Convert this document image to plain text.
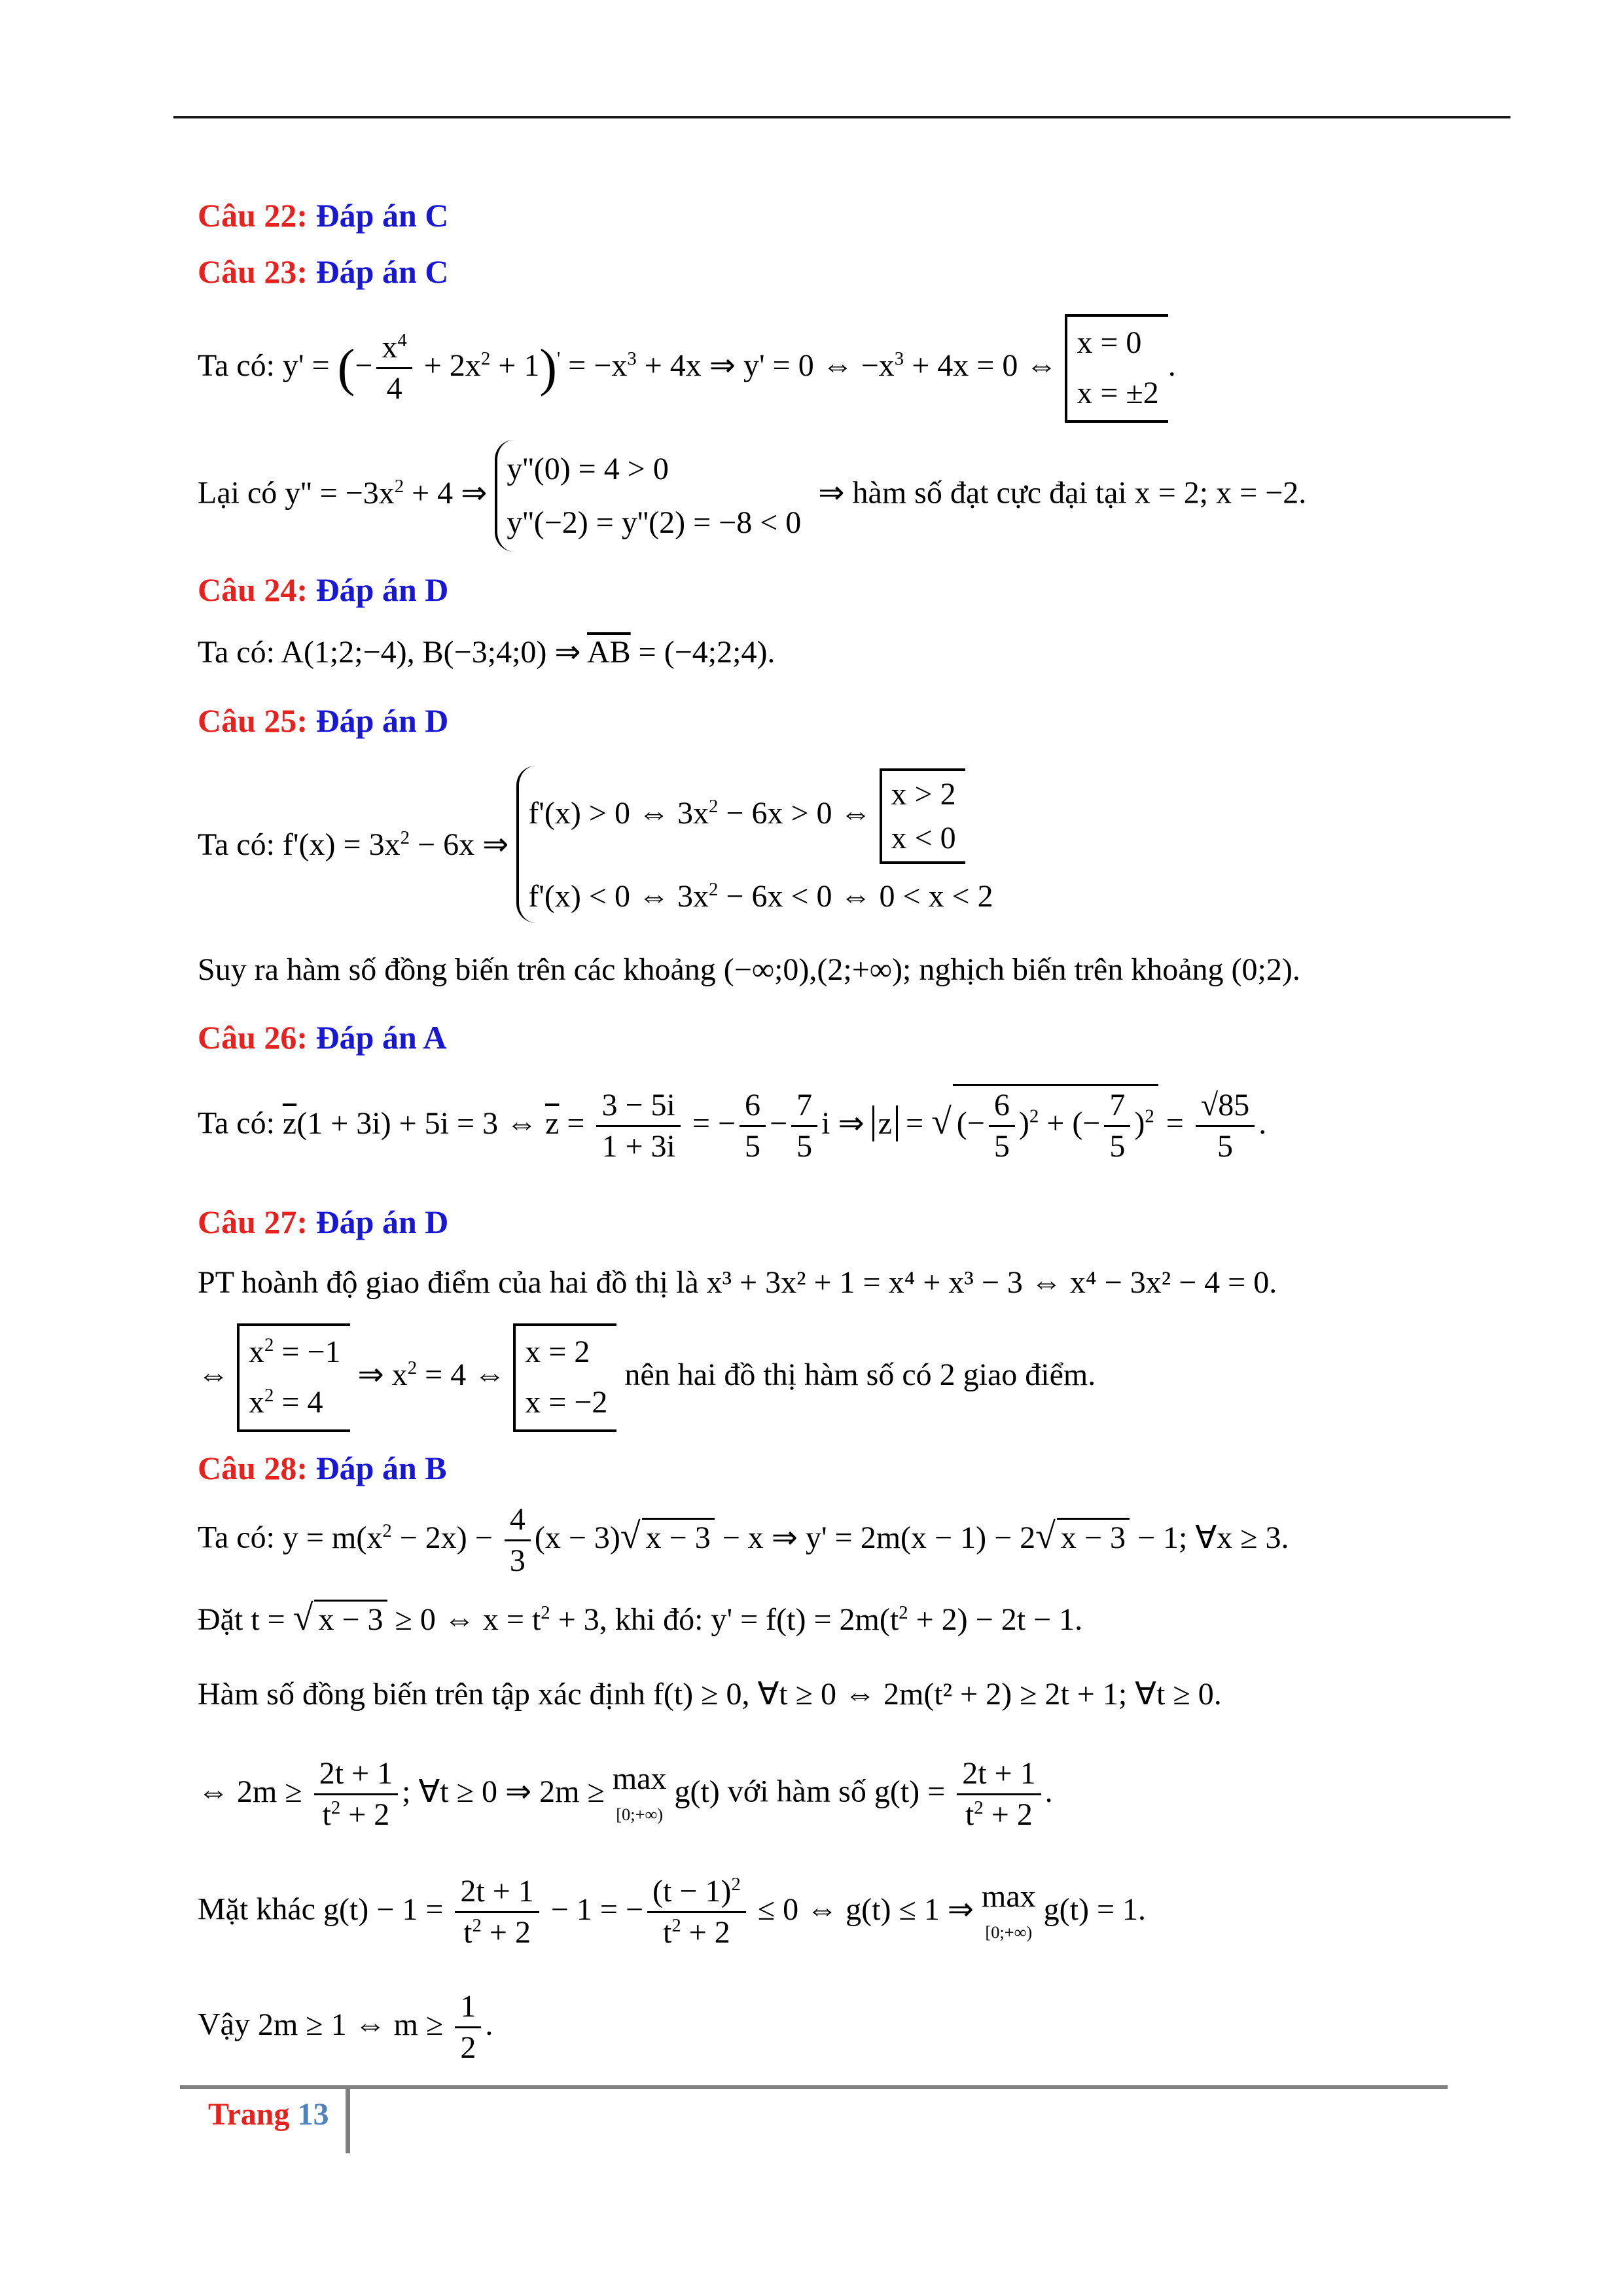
Câu 22: Đáp án C
Câu 23: Đáp án C
Ta có: y' = (− $\frac{x^4}{4} + 2x^2 + 1)' = -x^3 + 4x$ ⇒ y' = 0 ⇔ $-x^3 + 4x = 0$ ⇔
x = 0
x = ±2
.
Lại có $y'' = -3x^2 + 4$ ⇒
y''(0) = 4 > 0
y''(−2) = y''(2) = −8 < 0
⇒ hàm số đạt cực đại tại x = 2; x = −2.
Câu 24: Đáp án D
Ta có: A(1;2;−4), B(−3;4;0) ⇒ $\overline{AB}$ = (−4;2;4).
Câu 25: Đáp án D
Ta có: $f'(x) = 3x^2 - 6x$ ⇒
f'(x) > 0 ⇔ $3x^2 - 6x > 0$ ⇔
x > 2
x < 0
f'(x) < 0 ⇔ $3x^2 - 6x < 0$ ⇔ 0 < x < 2
Suy ra hàm số đồng biến trên các khoảng (−∞;0),(2;+∞); nghịch biến trên khoảng (0;2).
Câu 26: Đáp án A
Ta có: $\overline{z}(1 + 3i) + 5i = 3$ ⇔ $\overline{z} = \frac{3 - 5i}{1 + 3i}$ = − $\frac{6}{5} - \frac{7}{5}$ i ⇒ z = √ (− $\frac{6}{5} )^2$ + (− $\frac{7}{5} )^2 = \frac{√85}{5}$ .
Câu 27: Đáp án D
PT hoành độ giao điểm của hai đồ thị là x³ + 3x² + 1 = x⁴ + x³ − 3 ⇔ x⁴ − 3x² − 4 = 0.
⇔
$x^2 = -1$
$x^2 = 4$
⇒ $x^2 = 4$ ⇔
x = 2
x = −2
nên hai đồ thị hàm số có 2 giao điểm.
Câu 28: Đáp án B
Ta có: $y = m(x^2 - 2x) - \frac{4}{3} (x - 3)√$ x − 3 − x ⇒ y' = 2m(x − 1) − 2√ x − 3 − 1; ∀x ≥ 3.
Đặt t = √ x − 3 ≥ 0 ⇔ $x = t^2 + 3$, khi đó: $y' = f(t) = 2m(t^2 + 2) - 2t - 1$.
Hàm số đồng biến trên tập xác định f(t) ≥ 0, ∀t ≥ 0 ⇔ 2m(t² + 2) ≥ 2t + 1; ∀t ≥ 0.
⇔ $2m \ge \frac{2t + 1}{t^2 + 2}$ ; ∀t ≥ 0 ⇒ 2m ≥ max
[0;+∞) g(t) với hàm số $g(t) = \frac{2t + 1}{t^2 + 2}$ .
Mặt khác $g(t) - 1 = \frac{2t + 1}{t^2 + 2} - 1$ = − $\frac{(t - 1)^2}{t^2 + 2} \le 0$ ⇔ g(t) ≤ 1 ⇒ max
[0;+∞) g(t) = 1.
Vậy 2m ≥ 1 ⇔ $m \ge \frac{1}{2}$ .
Trang 13
